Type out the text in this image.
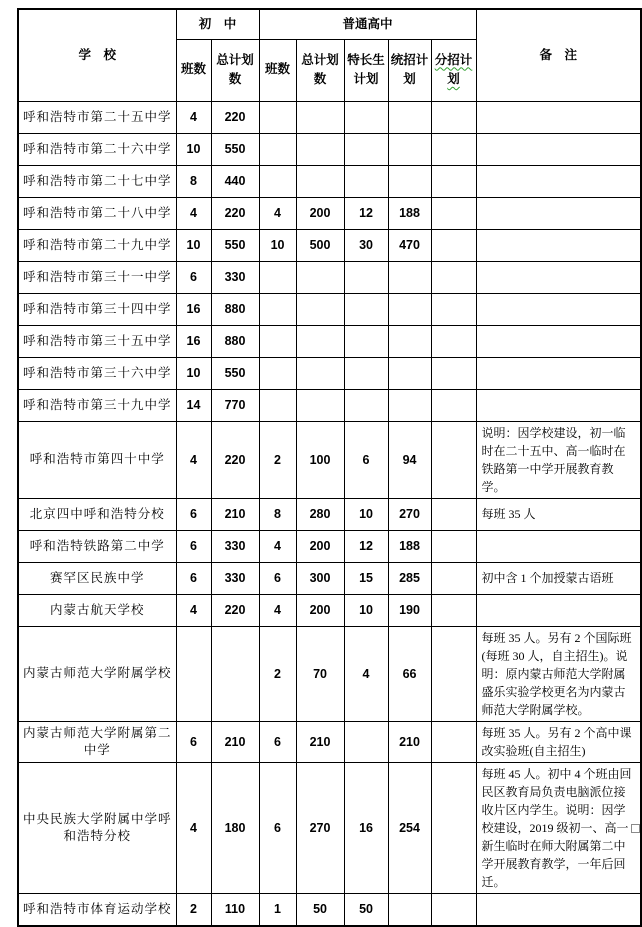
学　校	初　中		普通高中					备　注
	班数	总计划数	班数	总计划数	特长生计划	统招计划	分招计划	
呼和浩特市第二十五中学	4	220						
呼和浩特市第二十六中学	10	550						
呼和浩特市第二十七中学	8	440						
呼和浩特市第二十八中学	4	220	4	200	12	188		
呼和浩特市第二十九中学	10	550	10	500	30	470		
呼和浩特市第三十一中学	6	330						
呼和浩特市第三十四中学	16	880						
呼和浩特市第三十五中学	16	880						
呼和浩特市第三十六中学	10	550						
呼和浩特市第三十九中学	14	770						
呼和浩特市第四十中学	4	220	2	100	6	94		说明：因学校建设，初一临时在二十五中、高一临时在铁路第一中学开展教育教学。
北京四中呼和浩特分校	6	210	8	280	10	270		每班 35 人
呼和浩特铁路第二中学	6	330	4	200	12	188		
赛罕区民族中学	6	330	6	300	15	285		初中含 1 个加授蒙古语班
内蒙古航天学校	4	220	4	200	10	190		
内蒙古师范大学附属学校			2	70	4	66		每班 35 人。另有 2 个国际班(每班 30 人，自主招生)。说明：原内蒙古师范大学附属盛乐实验学校更名为内蒙古师范大学附属学校。
内蒙古师范大学附属第二中学	6	210	6	210		210		每班 35 人。另有 2 个高中课改实验班(自主招生)
中央民族大学附属中学呼和浩特分校	4	180	6	270	16	254		每班 45 人。初中 4 个班由回民区教育局负责电脑派位接收片区内学生。说明：因学校建设，2019 级初一、高一新生临时在师大附属第二中学开展教育教学，一年后回迁。
呼和浩特市体育运动学校	2	110	1	50	50			
